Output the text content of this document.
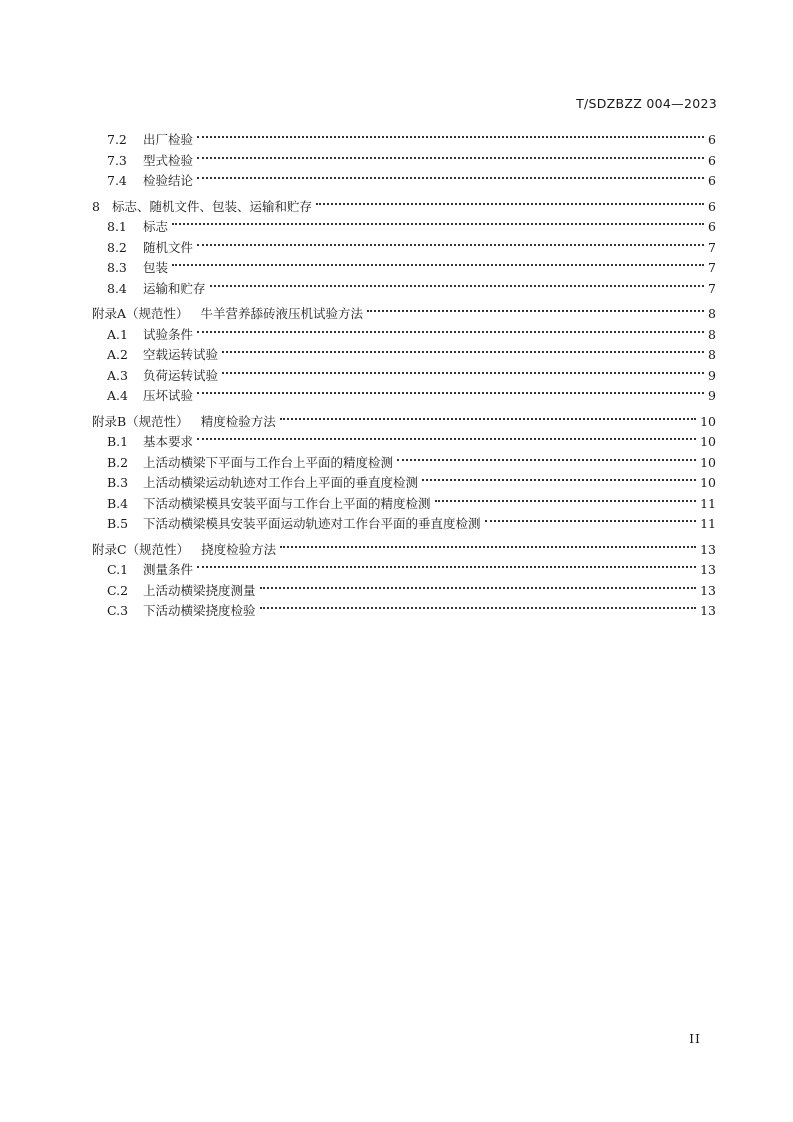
T/SDZBZZ 004—2023
7.2	出厂检验	6
7.3	型式检验	6
7.4	检验结论	6
8 标志、随机文件、包装、运输和贮存	6
8.1	标志	6
8.2	随机文件	7
8.3	包装	7
8.4	运输和贮存	7
附录A（规范性） 牛羊营养舔砖液压机试验方法	8
A.1	试验条件	8
A.2	空载运转试验	8
A.3	负荷运转试验	9
A.4	压坏试验	9
附录B（规范性） 精度检验方法	10
B.1	基本要求	10
B.2	上活动横梁下平面与工作台上平面的精度检测	10
B.3	上活动横梁运动轨迹对工作台上平面的垂直度检测	10
B.4	下活动横梁模具安装平面与工作台上平面的精度检测	11
B.5	下活动横梁模具安装平面运动轨迹对工作台平面的垂直度检测	11
附录C（规范性） 挠度检验方法	13
C.1	测量条件	13
C.2	上活动横梁挠度测量	13
C.3	下活动横梁挠度检验	13
II
